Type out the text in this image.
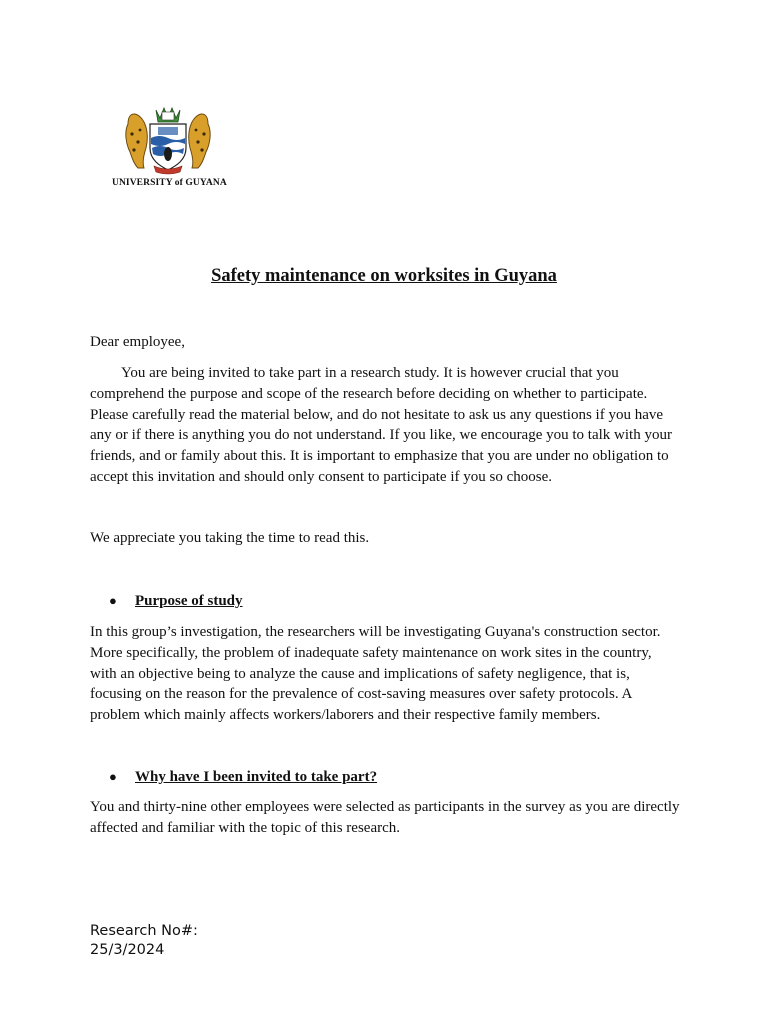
UNIVERSITY of GUYANA
Safety maintenance on worksites in Guyana
Dear employee,
You are being invited to take part in a research study. It is however crucial that you comprehend the purpose and scope of the research before deciding on whether to participate. Please carefully read the material below, and do not hesitate to ask us any questions if you have any or if there is anything you do not understand. If you like, we encourage you to talk with your friends, and or family about this. It is important to emphasize that you are under no obligation to accept this invitation and should only consent to participate if you so choose.
We appreciate you taking the time to read this.
● Purpose of study
In this group’s investigation, the researchers will be investigating Guyana's construction sector. More specifically, the problem of inadequate safety maintenance on work sites in the country, with an objective being to analyze the cause and implications of safety negligence, that is, focusing on the reason for the prevalence of cost-saving measures over safety protocols. A problem which mainly affects workers/laborers and their respective family members.
● Why have I been invited to take part?
You and thirty-nine other employees were selected as participants in the survey as you are directly affected and familiar with the topic of this research.
Research No#:
25/3/2024
